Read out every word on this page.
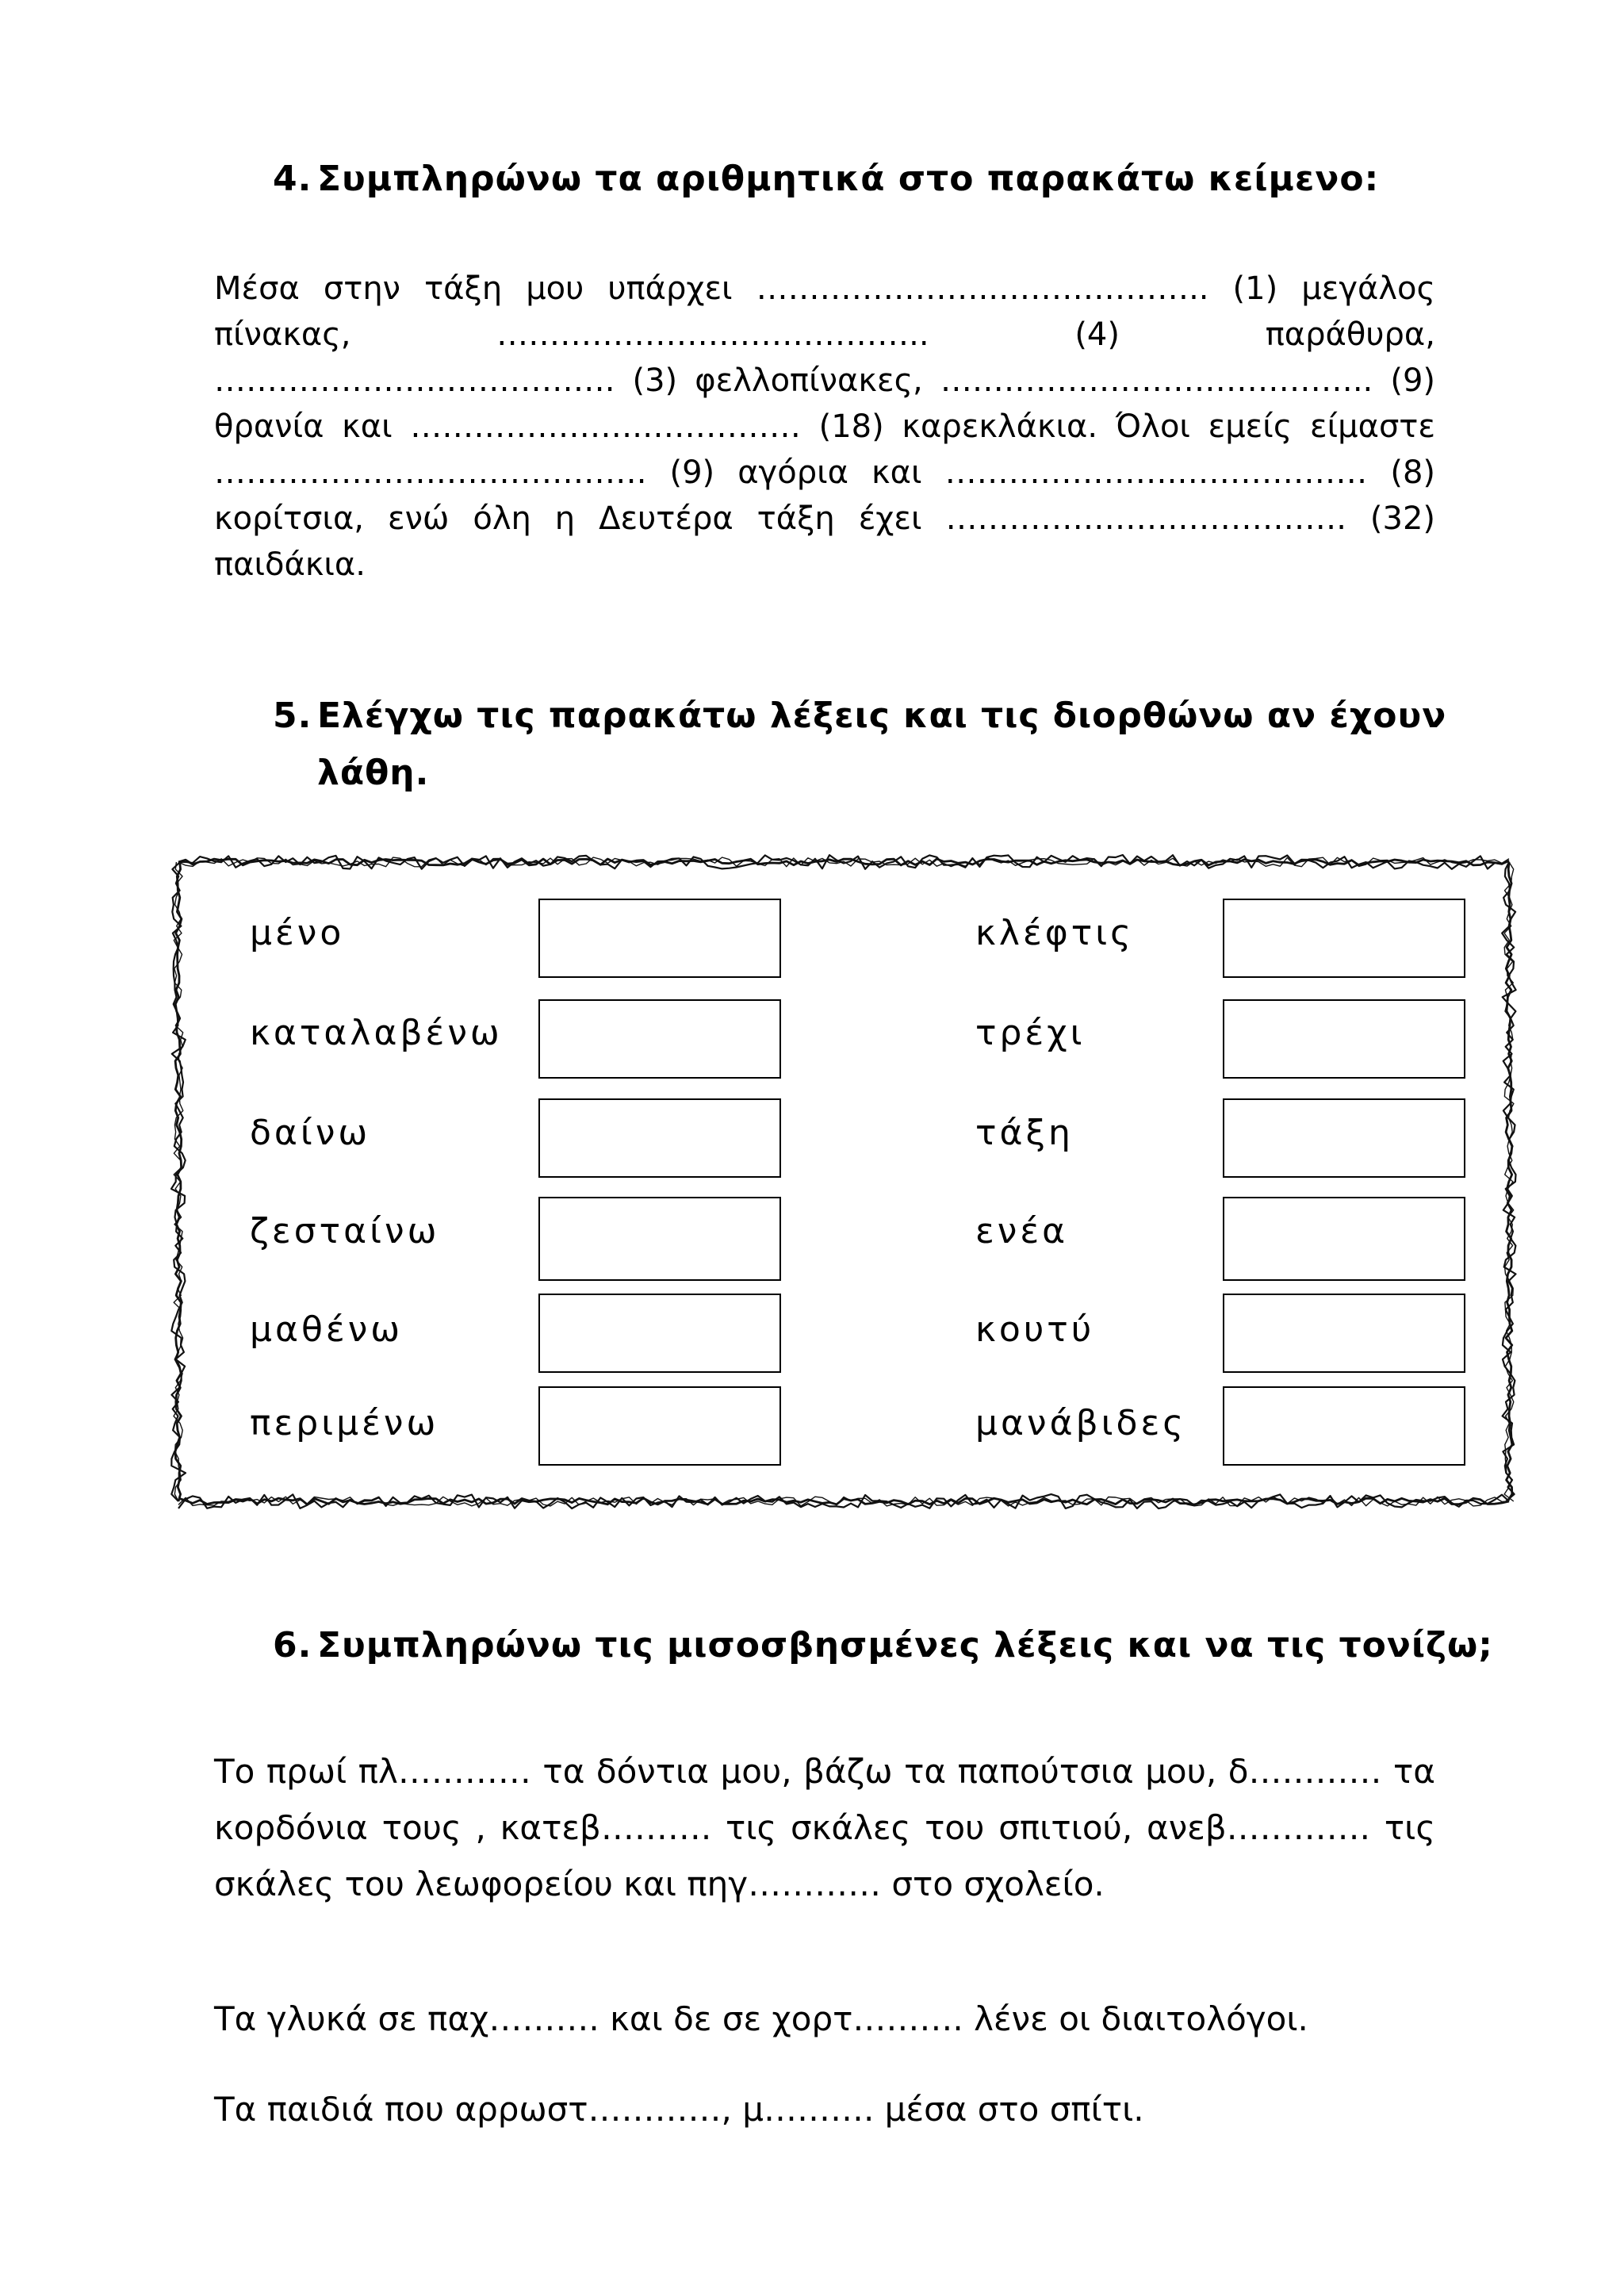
4. Συμπληρώνω τα αριθμητικά στο παρακάτω κείμενο:
Μέσα στην τάξη μου υπάρχει …………………..……………….. (1) μεγάλος πίνακας, ………………………………….. (4) παράθυρα, ………………….……………. (3) φελλοπίνακες, ………………………………….. (9) θρανία και ………………….…………… (18) καρεκλάκια. Όλοι εμείς είμαστε ………………….………………. (9) αγόρια και ………………….……………… (8) κορίτσια, ενώ όλη η Δευτέρα τάξη έχει ………………….……………. (32) παιδάκια.
5. Ελέγχω τις παρακάτω λέξεις και τις διορθώνω αν έχουν
λάθη.
μένο
καταλαβένω
δαίνω
ζεσταίνω
μαθένω
περιμένω
κλέφτις
τρέχι
τάξη
ενέα
κουτύ
μανάβιδες
6. Συμπληρώνω τις μισοσβησμένες λέξεις και να τις τονίζω;
Το πρωί πλ………… τα δόντια μου, βάζω τα παπούτσια μου, δ………… τα κορδόνια τους , κατεβ………. τις σκάλες του σπιτιού, ανεβ…………. τις σκάλες του λεωφορείου και πηγ………… στο σχολείο.
Τα γλυκά σε παχ………. και δε σε χορτ………. λένε οι διαιτολόγοι.
Τα παιδιά που αρρωστ…………, μ………. μέσα στο σπίτι.
